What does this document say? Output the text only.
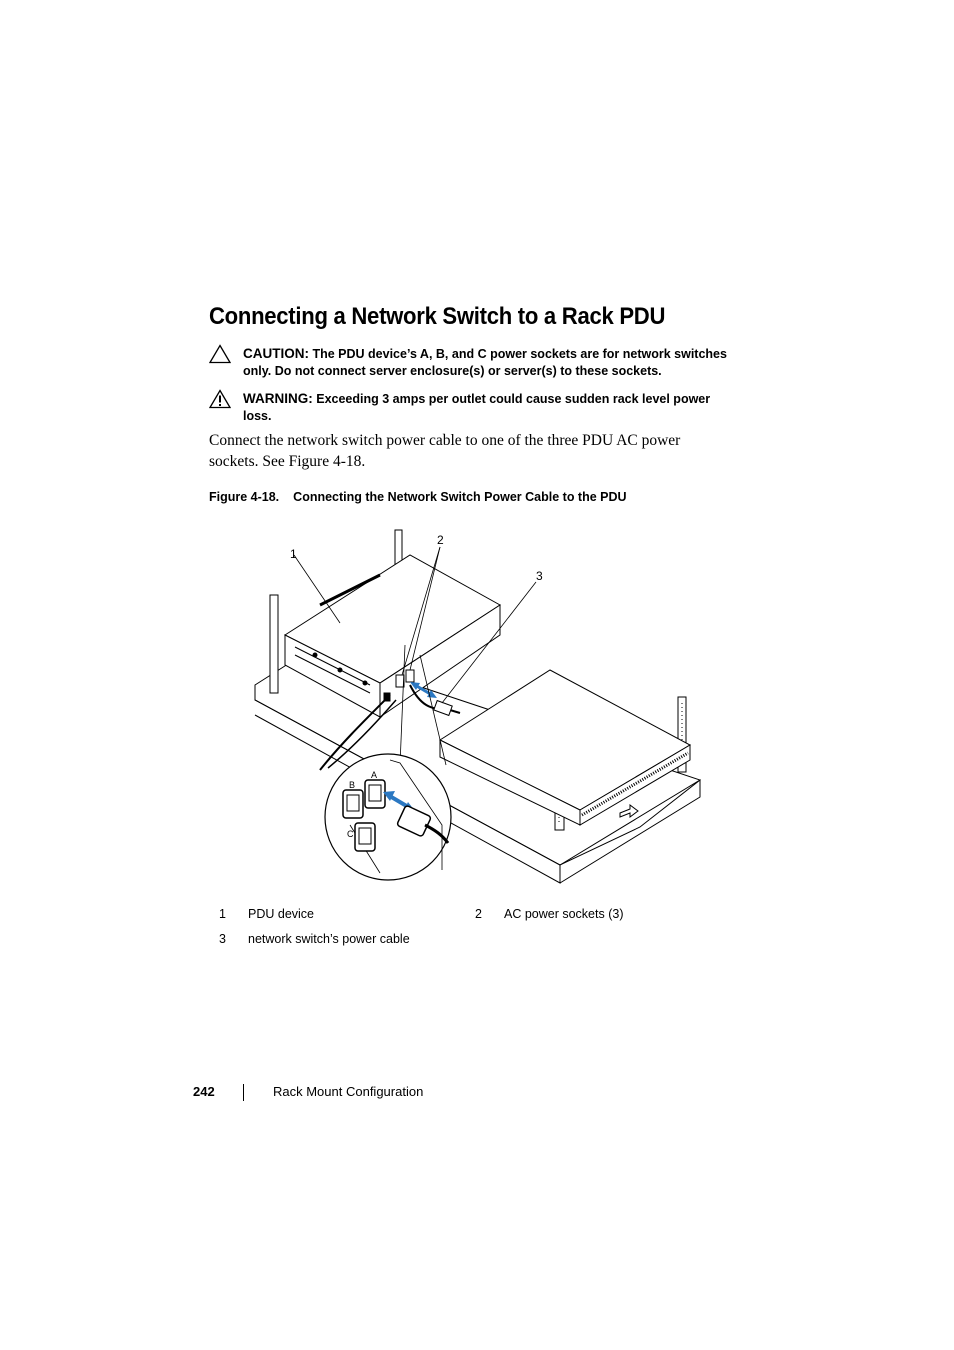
Connecting a Network Switch to a Rack PDU
CAUTION: The PDU device’s A, B, and C power sockets are for network switches only. Do not connect server enclosure(s) or server(s) to these sockets.
WARNING: Exceeding 3 amps per outlet could cause sudden rack level power loss.
Connect the network switch power cable to one of the three PDU AC power sockets. See Figure 4-18.
Figure 4-18. Connecting the Network Switch Power Cable to the PDU
1
2
3
B
A
C
1 PDU device	2 AC power sockets (3)
3 network switch’s power cable
242	Rack Mount Configuration
